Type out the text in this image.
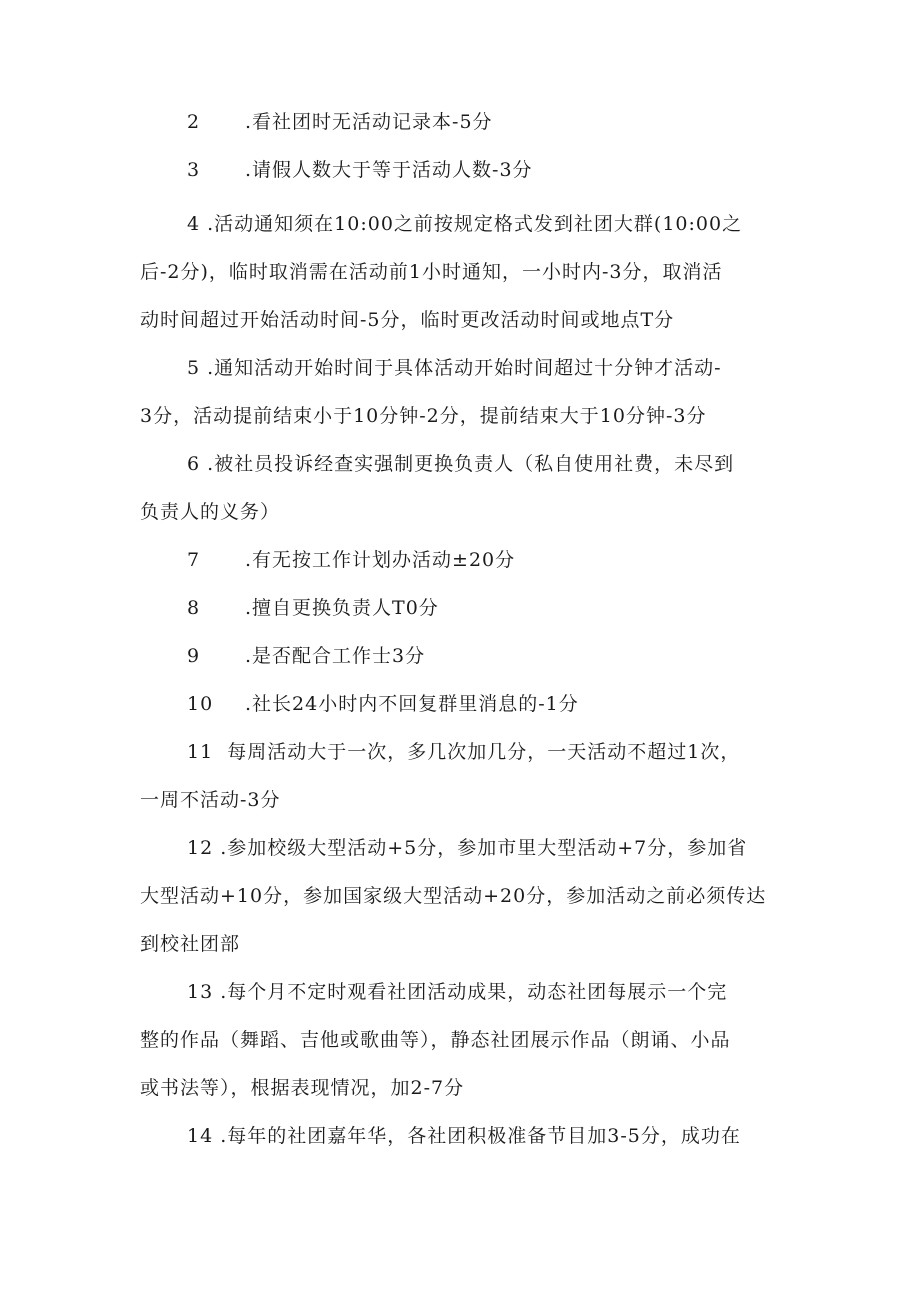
2 .看社团时无活动记录本-5分
3 .请假人数大于等于活动人数-3分
4 .活动通知须在10:00之前按规定格式发到社团大群(10:00之
后-2分)，临时取消需在活动前1小时通知，一小时内-3分，取消活
动时间超过开始活动时间-5分，临时更改活动时间或地点T分
5 .通知活动开始时间于具体活动开始时间超过十分钟才活动-
3分，活动提前结束小于10分钟-2分，提前结束大于10分钟-3分
6 .被社员投诉经查实强制更换负责人（私自使用社费，未尽到
负责人的义务）
7 .有无按工作计划办活动±20分
8 .擅自更换负责人T0分
9 .是否配合工作士3分
10 .社长24小时内不回复群里消息的-1分
11  每周活动大于一次，多几次加几分，一天活动不超过1次，
一周不活动-3分
12 .参加校级大型活动+5分，参加市里大型活动+7分，参加省
大型活动+10分，参加国家级大型活动+20分，参加活动之前必须传达
到校社团部
13 .每个月不定时观看社团活动成果，动态社团每展示一个完
整的作品（舞蹈、吉他或歌曲等），静态社团展示作品（朗诵、小品
或书法等），根据表现情况，加2-7分
14 .每年的社团嘉年华，各社团积极准备节目加3-5分，成功在
